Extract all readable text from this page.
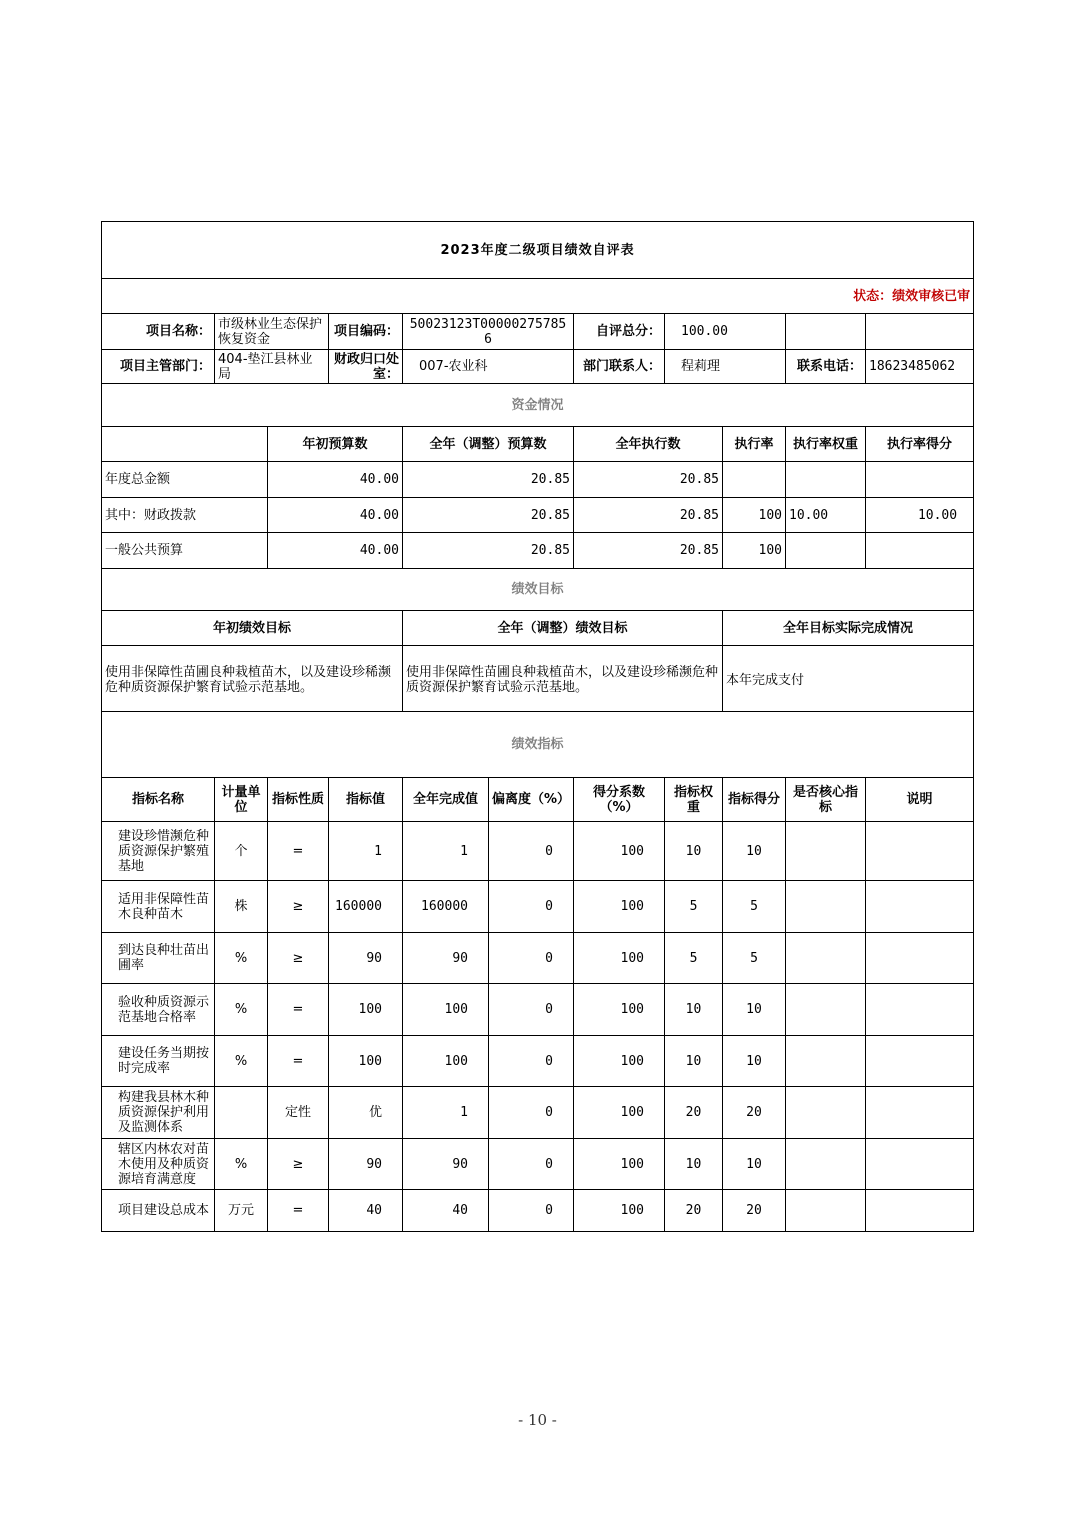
2023年度二级项目绩效自评表										
状态：绩效审核已审										
项目名称：	市级林业生态保护恢复资金		项目编码：	50023123T000002757856		自评总分：	100.00			
项目主管部门：	404-垫江县林业局		财政归口处室：	007-农业科		部门联系人：	程莉理		联系电话：	18623485062
资金情况										
		年初预算数		全年（调整）预算数		全年执行数		执行率	执行率权重	执行率得分
年度总金额		40.00		20.85		20.85				
其中：财政拨款		40.00		20.85		20.85		100	10.00	10.00
一般公共预算		40.00		20.85		20.85		100		
绩效目标										
年初绩效目标				全年（调整）绩效目标				全年目标实际完成情况		
使用非保障性苗圃良种栽植苗木，以及建设珍稀濒危种质资源保护繁育试验示范基地。				使用非保障性苗圃良种栽植苗木，以及建设珍稀濒危种质资源保护繁育试验示范基地。				本年完成支付		
绩效指标										
指标名称	计量单位	指标性质	指标值	全年完成值	偏离度（%）	得分系数（%）	指标权重	指标得分	是否核心指标	说明

建设珍惜濒危种质资源保护繁殖基地	个	=	1	1	0	100	10	10		

适用非保障性苗木良种苗木	株	≥	160000	160000	0	100	5	5		

到达良种壮苗出圃率	%	≥	90	90	0	100	5	5		

验收种质资源示范基地合格率	%	=	100	100	0	100	10	10		

建设任务当期按时完成率	%	=	100	100	0	100	10	10		

构建我县林木种质资源保护利用及监测体系		定性	优	1	0	100	20	20		

辖区内林农对苗木使用及种质资源培育满意度	%	≥	90	90	0	100	10	10		

项目建设总成本	万元	=	40	40	0	100	20	20		
- 10 -
